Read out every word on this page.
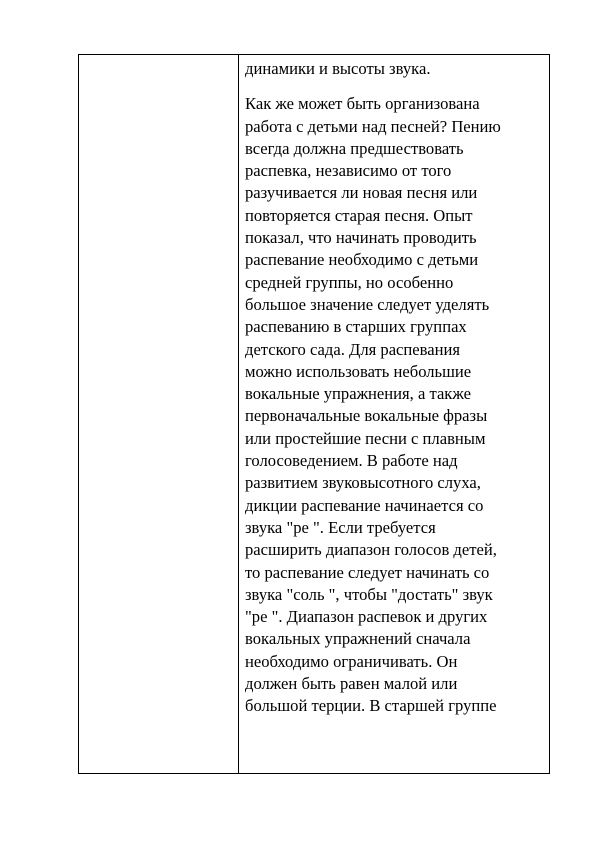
динамики и высоты звука.

Как же может быть организована
работа с детьми над песней? Пению
всегда должна предшествовать
распевка, независимо от того
разучивается ли новая песня или
повторяется старая песня. Опыт
показал, что начинать проводить
распевание необходимо с детьми
средней группы, но особенно
большое значение следует уделять
распеванию в старших группах
детского сада. Для распевания
можно использовать небольшие
вокальные упражнения, а также
первоначальные вокальные фразы
или простейшие песни с плавным
голосоведением. В работе над
развитием звуковысотного слуха,
дикции распевание начинается со
звука "ре ". Если требуется
расширить диапазон голосов детей,
то распевание следует начинать со
звука "соль ", чтобы "достать" звук
"ре ". Диапазон распевок и других
вокальных упражнений сначала
необходимо ограничивать. Он
должен быть равен малой или
большой терции. В старшей группе
